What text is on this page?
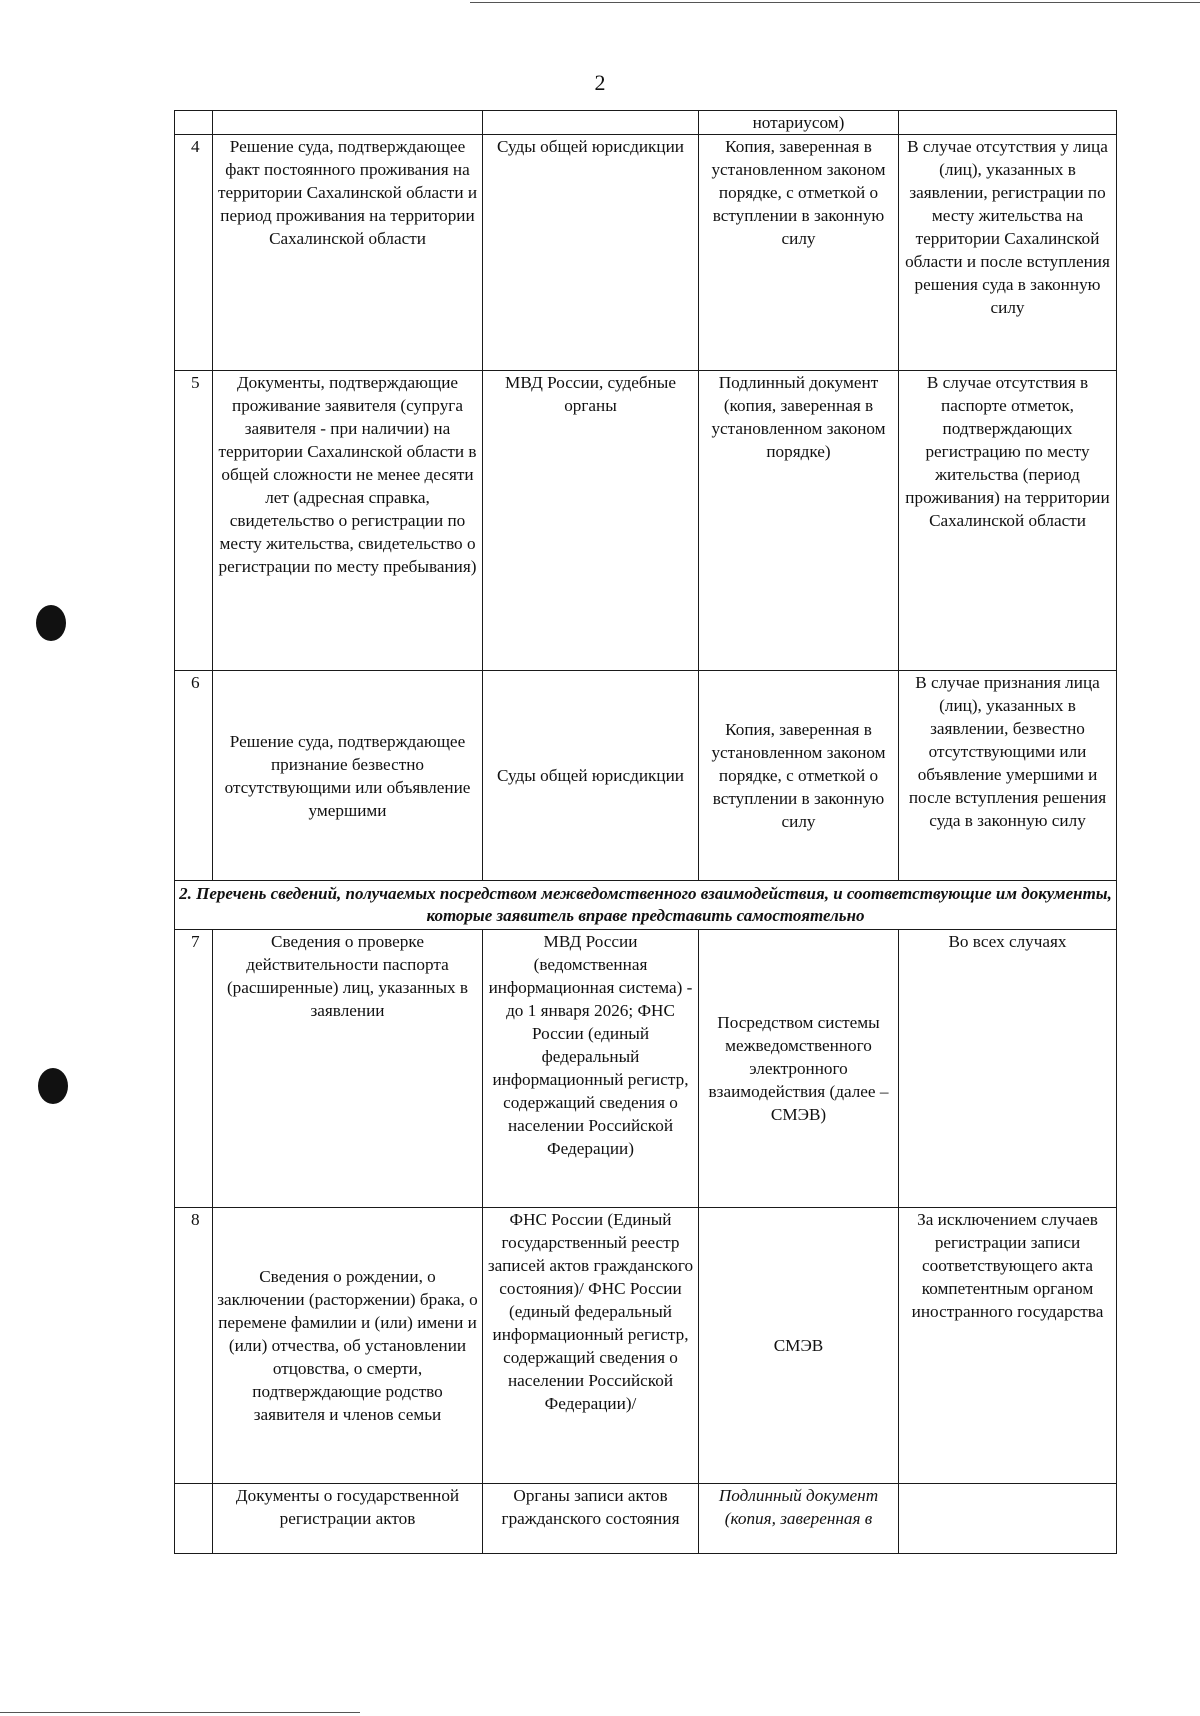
2
			нотариусом)	
4	Решение суда, подтверждающее факт постоянного проживания на территории Сахалинской области и период проживания на территории Сахалинской области	Суды общей юрисдикции	Копия, заверенная в установленном законом порядке, с отметкой о вступлении в законную силу	В случае отсутствия у лица (лиц), указанных в заявлении, регистрации по месту жительства на территории Сахалинской области и после вступления решения суда в законную силу
5	Документы, подтверждающие проживание заявителя (супруга заявителя - при наличии) на территории Сахалинской области в общей сложности не менее десяти лет (адресная справка, свидетельство о регистрации по месту жительства, свидетельство о регистрации по месту пребывания)	МВД России, судебные органы	Подлинный документ (копия, заверенная в установленном законом порядке)	В случае отсутствия в паспорте отметок, подтверждающих регистрацию по месту жительства (период проживания) на территории Сахалинской области
6	Решение суда, подтверждающее признание безвестно отсутствующими или объявление умершими	Суды общей юрисдикции	Копия, заверенная в установленном законом порядке, с отметкой о вступлении в законную силу	В случае признания лица (лиц), указанных в заявлении, безвестно отсутствующими или объявление умершими и после вступления решения суда в законную силу
2. Перечень сведений, получаемых посредством межведомственного взаимодействия, и соответствующие им документы, которые заявитель вправе представить самостоятельно				
7	Сведения о проверке действительности паспорта (расширенные) лиц, указанных в заявлении	МВД России (ведомственная информационная система) - до 1 января 2026; ФНС России (единый федеральный информационный регистр, содержащий сведения о населении Российской Федерации)	Посредством системы межведомственного электронного взаимодействия (далее – СМЭВ)	Во всех случаях
8	Сведения о рождении, о заключении (расторжении) брака, о перемене фамилии и (или) имени и (или) отчества, об установлении отцовства, о смерти, подтверждающие родство заявителя и членов семьи	ФНС России (Единый государственный реестр записей актов гражданского состояния)/ ФНС России (единый федеральный информационный регистр, содержащий сведения о населении Российской Федерации)/	СМЭВ	За исключением случаев регистрации записи соответствующего акта компетентным органом иностранного государства
	Документы о государственной регистрации актов	Органы записи актов гражданского состояния	Подлинный документ (копия, заверенная в	
